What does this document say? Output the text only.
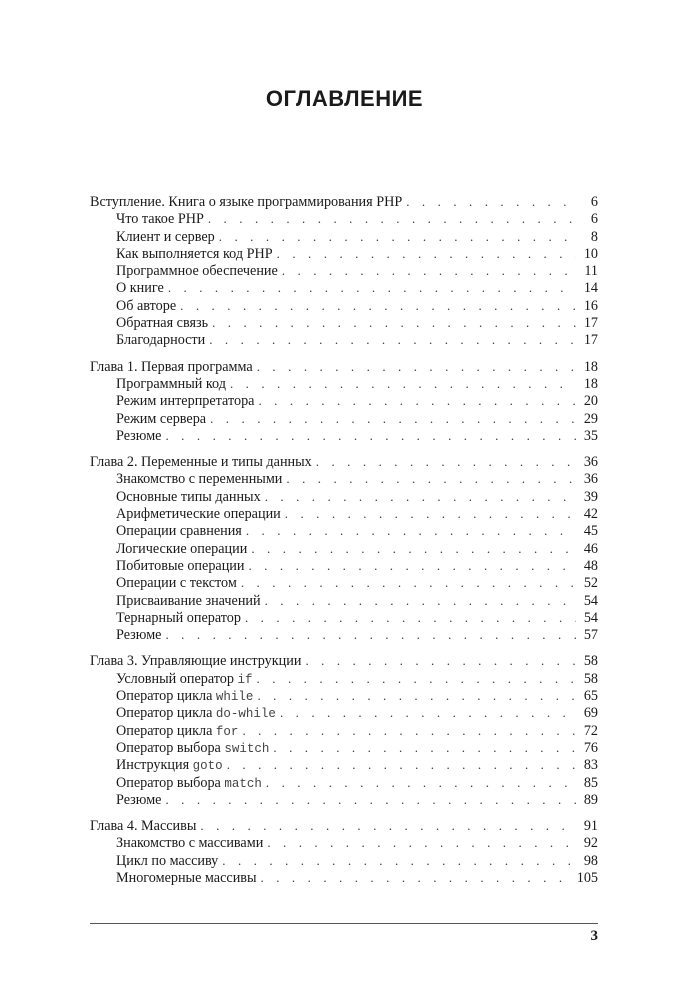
ОГЛАВЛЕНИЕ
Вступление. Книга о языке программирования PHP . . .	6
Что такое PHP . . .	6
Клиент и сервер . . .	8
Как выполняется код PHP . . .	10
Программное обеспечение . . .	11
О книге . . .	14
Об авторе . . .	16
Обратная связь . . .	17
Благодарности . . .	17
Глава 1. Первая программа . . .	18
Программный код . . .	18
Режим интерпретатора . . .	20
Режим сервера . . .	29
Резюме . . .	35
Глава 2. Переменные и типы данных . . .	36
Знакомство с переменными . . .	36
Основные типы данных . . .	39
Арифметические операции . . .	42
Операции сравнения . . .	45
Логические операции . . .	46
Побитовые операции . . .	48
Операции с текстом . . .	52
Присваивание значений . . .	54
Тернарный оператор . . .	54
Резюме . . .	57
Глава 3. Управляющие инструкции . . .	58
Условный оператор if . . .	58
Оператор цикла while . . .	65
Оператор цикла do-while . . .	69
Оператор цикла for . . .	72
Оператор выбора switch . . .	76
Инструкция goto . . .	83
Оператор выбора match . . .	85
Резюме . . .	89
Глава 4. Массивы . . .	91
Знакомство с массивами . . .	92
Цикл по массиву . . .	98
Многомерные массивы . . .	105
3
